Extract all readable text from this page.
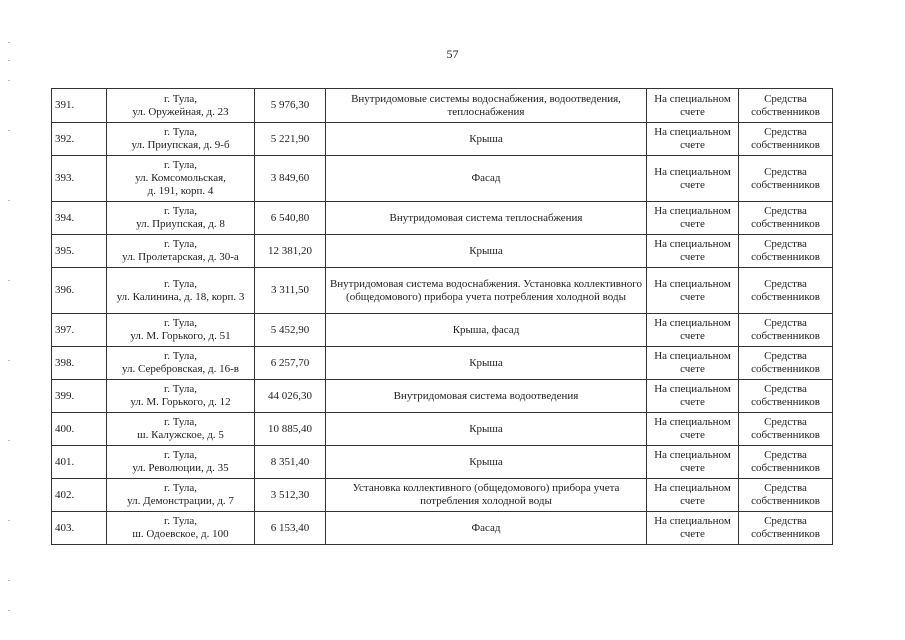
57
391.	г. Тула,
ул. Оружейная, д. 23	5 976,30	Внутридомовые системы водоснабжения, водоотведения, теплоснабжения	На специальном счете	Средства собственников
392.	г. Тула,
ул. Приупская, д. 9-б	5 221,90	Крыша	На специальном счете	Средства собственников
393.	г. Тула,
ул. Комсомольская,
д. 191, корп. 4	3 849,60	Фасад	На специальном счете	Средства собственников
394.	г. Тула,
ул. Приупская, д. 8	6 540,80	Внутридомовая система теплоснабжения	На специальном счете	Средства собственников
395.	г. Тула,
ул. Пролетарская, д. 30-а	12 381,20	Крыша	На специальном счете	Средства собственников
396.	г. Тула,
ул. Калинина, д. 18, корп. 3	3 311,50	Внутридомовая система водоснабжения. Установка коллективного (общедомового) прибора учета потребления холодной воды	На специальном счете	Средства собственников
397.	г. Тула,
ул. М. Горького, д. 51	5 452,90	Крыша, фасад	На специальном счете	Средства собственников
398.	г. Тула,
ул. Серебровская, д. 16-в	6 257,70	Крыша	На специальном счете	Средства собственников
399.	г. Тула,
ул. М. Горького, д. 12	44 026,30	Внутридомовая система водоотведения	На специальном счете	Средства собственников
400.	г. Тула,
ш. Калужское, д. 5	10 885,40	Крыша	На специальном счете	Средства собственников
401.	г. Тула,
ул. Революции, д. 35	8 351,40	Крыша	На специальном счете	Средства собственников
402.	г. Тула,
ул. Демонстрации, д. 7	3 512,30	Установка коллективного (общедомового) прибора учета потребления холодной воды	На специальном счете	Средства собственников
403.	г. Тула,
ш. Одоевское, д. 100	6 153,40	Фасад	На специальном счете	Средства собственников
